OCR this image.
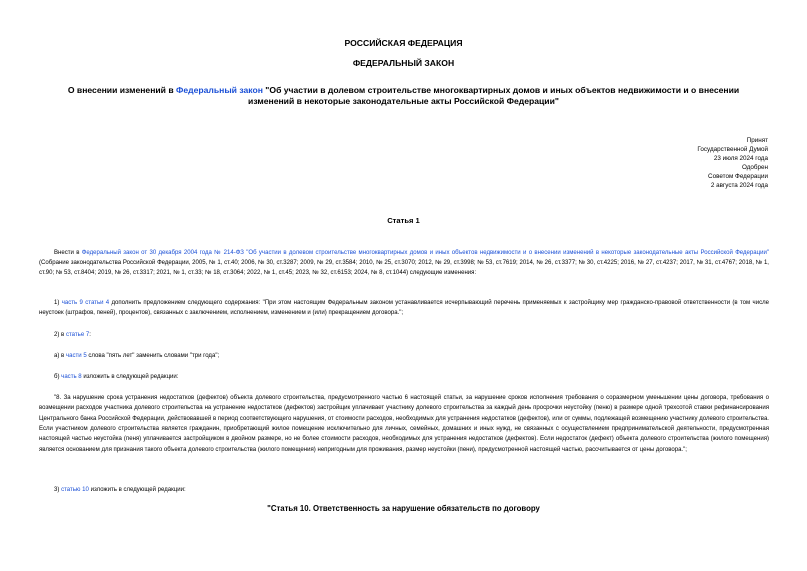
РОССИЙСКАЯ ФЕДЕРАЦИЯ
ФЕДЕРАЛЬНЫЙ ЗАКОН
О внесении изменений в Федеральный закон "Об участии в долевом строительстве многоквартирных домов и иных объектов недвижимости и о внесении изменений в некоторые законодательные акты Российской Федерации"
Принят
Государственной Думой
23 июля 2024 года
Одобрен
Советом Федерации
2 августа 2024 года
Статья 1
Внести в Федеральный закон от 30 декабря 2004 года № 214-ФЗ "Об участии в долевом строительстве многоквартирных домов и иных объектов недвижимости и о внесении изменений в некоторые законодательные акты Российской Федерации" (Собрание законодательства Российской Федерации, 2005, № 1, ст.40; 2006, № 30, ст.3287; 2009, № 29, ст.3584; 2010, № 25, ст.3070; 2012, № 29, ст.3998; № 53, ст.7619; 2014, № 26, ст.3377; № 30, ст.4225; 2016, № 27, ст.4237; 2017, № 31, ст.4767; 2018, № 1, ст.90; № 53, ст.8404; 2019, № 26, ст.3317; 2021, № 1, ст.33; № 18, ст.3064; 2022, № 1, ст.45; 2023, № 32, ст.6153; 2024, № 8, ст.1044) следующие изменения:
1) часть 9 статьи 4 дополнить предложением следующего содержания: "При этом настоящим Федеральным законом устанавливается исчерпывающий перечень применяемых к застройщику мер гражданско-правовой ответственности (в том числе неустоек (штрафов, пеней), процентов), связанных с заключением, исполнением, изменением и (или) прекращением договора.";
2) в статье 7:
а) в части 5 слова "пять лет" заменить словами "три года";
б) часть 8 изложить в следующей редакции:
"8. За нарушение срока устранения недостатков (дефектов) объекта долевого строительства, предусмотренного частью 6 настоящей статьи, за нарушение сроков исполнения требования о соразмерном уменьшении цены договора, требования о возмещении расходов участника долевого строительства на устранение недостатков (дефектов) застройщик уплачивает участнику долевого строительства за каждый день просрочки неустойку (пеню) в размере одной трехсотой ставки рефинансирования Центрального банка Российской Федерации, действовавшей в период соответствующего нарушения, от стоимости расходов, необходимых для устранения недостатков (дефектов), или от суммы, подлежащей возмещению участнику долевого строительства. Если участником долевого строительства является гражданин, приобретающий жилое помещение исключительно для личных, семейных, домашних и иных нужд, не связанных с осуществлением предпринимательской деятельности, предусмотренная настоящей частью неустойка (пеня) уплачивается застройщиком в двойном размере, но не более стоимости расходов, необходимых для устранения недостатков (дефектов). Если недостаток (дефект) объекта долевого строительства (жилого помещения) является основанием для признания такого объекта долевого строительства (жилого помещения) непригодным для проживания, размер неустойки (пени), предусмотренной настоящей частью, рассчитывается от цены договора.";
3) статью 10 изложить в следующей редакции:
"Статья 10. Ответственность за нарушение обязательств по договору
